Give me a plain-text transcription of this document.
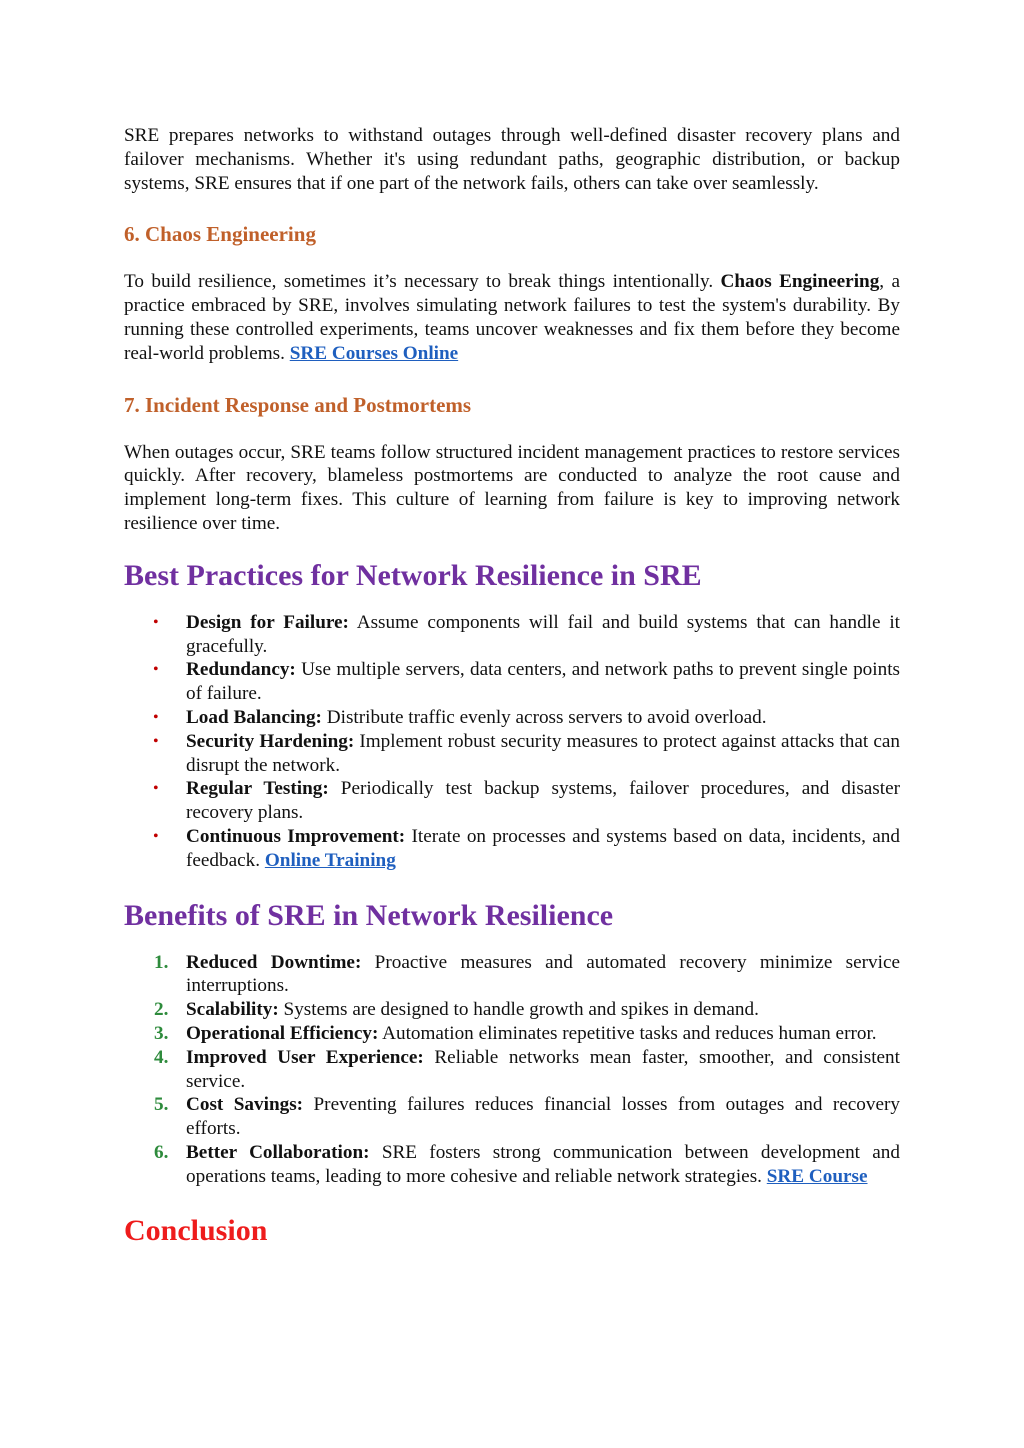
SRE prepares networks to withstand outages through well-defined disaster recovery plans and failover mechanisms. Whether it's using redundant paths, geographic distribution, or backup systems, SRE ensures that if one part of the network fails, others can take over seamlessly.

6. Chaos Engineering

To build resilience, sometimes it’s necessary to break things intentionally. Chaos Engineering, a practice embraced by SRE, involves simulating network failures to test the system's durability. By running these controlled experiments, teams uncover weaknesses and fix them before they become real-world problems. SRE Courses Online

7. Incident Response and Postmortems

When outages occur, SRE teams follow structured incident management practices to restore services quickly. After recovery, blameless postmortems are conducted to analyze the root cause and implement long-term fixes. This culture of learning from failure is key to improving network resilience over time.

Best Practices for Network Resilience in SRE
• Design for Failure: Assume components will fail and build systems that can handle it gracefully.
• Redundancy: Use multiple servers, data centers, and network paths to prevent single points of failure.
• Load Balancing: Distribute traffic evenly across servers to avoid overload.
• Security Hardening: Implement robust security measures to protect against attacks that can disrupt the network.
• Regular Testing: Periodically test backup systems, failover procedures, and disaster recovery plans.
• Continuous Improvement: Iterate on processes and systems based on data, incidents, and feedback. Online Training
Benefits of SRE in Network Resilience
1. Reduced Downtime: Proactive measures and automated recovery minimize service interruptions.
2. Scalability: Systems are designed to handle growth and spikes in demand.
3. Operational Efficiency: Automation eliminates repetitive tasks and reduces human error.
4. Improved User Experience: Reliable networks mean faster, smoother, and consistent service.
5. Cost Savings: Preventing failures reduces financial losses from outages and recovery efforts.
6. Better Collaboration: SRE fosters strong communication between development and operations teams, leading to more cohesive and reliable network strategies. SRE Course
Conclusion
